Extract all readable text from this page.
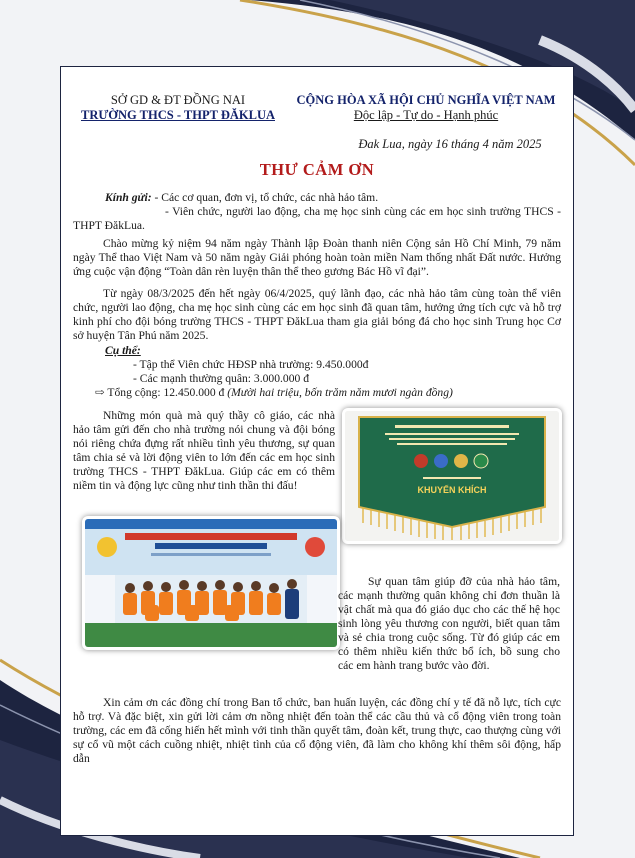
SỞ GD & ĐT ĐỒNG NAI
TRƯỜNG THCS - THPT ĐĂKLUA
CỘNG HÒA XÃ HỘI CHỦ NGHĨA VIỆT NAM
Độc lập - Tự do - Hạnh phúc
Đak Lua, ngày 16 tháng 4 năm 2025
THƯ CẢM ƠN

Kính gửi: - Các cơ quan, đơn vị, tổ chức, các nhà hảo tâm.

- Viên chức, người lao động, cha mẹ học sinh cùng các em học sinh trường THCS - THPT ĐăkLua.

Chào mừng kỷ niệm 94 năm ngày Thành lập Đoàn thanh niên Cộng sản Hồ Chí Minh, 79 năm ngày Thể thao Việt Nam và 50 năm ngày Giải phóng hoàn toàn miền Nam thống nhất Đất nước. Hưởng ứng cuộc vận động “Toàn dân rèn luyện thân thể theo gương Bác Hồ vĩ đại”.

Từ ngày 08/3/2025 đến hết ngày 06/4/2025, quý lãnh đạo, các nhà hảo tâm cùng toàn thể viên chức, người lao động, cha mẹ học sinh cùng các em học sinh đã quan tâm, hưởng ứng tích cực và hỗ trợ kinh phí cho đội bóng trường THCS - THPT ĐăkLua tham gia giải bóng đá cho học sinh Trung học Cơ sở huyện Tân Phú năm 2025.

Cụ thể:
- Tập thể Viên chức HĐSP nhà trường: 9.450.000đ
- Các mạnh thường quân: 3.000.000 đ
⇨ Tổng cộng: 12.450.000 đ (Mười hai triệu, bốn trăm năm mươi ngàn đồng)

Những món quà mà quý thầy cô giáo, các nhà hảo tâm gửi đến cho nhà trường nói chung và đội bóng nói riêng chứa đựng rất nhiều tình yêu thương, sự quan tâm chia sẻ và lời động viên to lớn đến các em học sinh trường THCS - THPT ĐăkLua. Giúp các em có thêm niềm tin và động lực cũng như tinh thần thi đấu!	KHUYẾN KHÍCH

Sự quan tâm giúp đỡ của nhà hảo tâm, các mạnh thường quân không chỉ đơn thuần là vật chất mà qua đó giáo dục cho các thế hệ học sinh lòng yêu thương con người, biết quan tâm và sẻ chia trong cuộc sống. Từ đó giúp các em có thêm nhiều kiến thức bổ ích, bồ sung cho các em hành trang bước vào đời.

Xin cảm ơn các đồng chí trong Ban tổ chức, ban huấn luyện, các đồng chí y tế đã nỗ lực, tích cực hỗ trợ. Và đặc biệt, xin gửi lời cảm ơn nồng nhiệt đến toàn thể các cầu thủ và cổ động viên trong toàn trường, các em đã cống hiến hết mình với tinh thần quyết tâm, đoàn kết, trung thực, cao thượng cùng với sự cổ vũ một cách cuồng nhiệt, nhiệt tình của cổ động viên, đã làm cho không khí thêm sôi động, hấp dẫn
